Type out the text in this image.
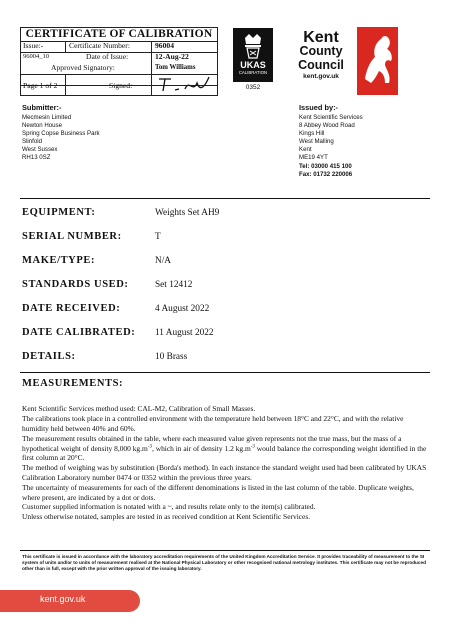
CERTIFICATE OF CALIBRATION
Issue:-	Certificate Number:	96004
96004_10	Date of Issue:	12-Aug-22
Approved Signatory:	Tom Williams
Page 1 of 2	Signed:
UKAS
CALIBRATION
0352
Kent
County
Council
kent.gov.uk
Submitter:-
Mecmesin Limited
Newton House
Spring Copse Business Park
Slinfold
West Sussex
RH13 0SZ
Issued by:-
Kent Scientific Services
8 Abbey Wood Road
Kings Hill
West Malling
Kent
ME19 4YT
Tel: 03000 415 100
Fax: 01732 220006
EQUIPMENT:	Weights Set AH9
SERIAL NUMBER:	T
MAKE/TYPE:	N/A
STANDARDS USED:	Set 12412
DATE RECEIVED:	4 August 2022
DATE CALIBRATED: 11 August 2022
DETAILS:	10 Brass
MEASUREMENTS:
Kent Scientific Services method used: CAL-M2, Calibration of Small Masses.
The calibrations took place in a controlled environment with the temperature held between 18°C and 22°C, and with the relative humidity held between 40% and 60%.
The measurement results obtained in the table, where each measured value given represents not the true mass, but the mass of a hypothetical weight of density 8,000 $kg.m^{-3}$, which in air of density 1.2 $kg.m^{-3}$ would balance the corresponding weight identified in the first column at 20°C.
The method of weighing was by substitution (Borda's method). In each instance the standard weight used had been calibrated by UKAS Calibration Laboratory number 0474 or 0352 within the previous three years.
The uncertainty of measurements for each of the different denominations is listed in the last column of the table. Duplicate weights, where present, are indicated by a dot or dots.
Customer supplied information is notated with a ~, and results relate only to the item(s) calibrated.
Unless otherwise notated, samples are tested in as received condition at Kent Scientific Services.
This certificate is issued in accordance with the laboratory accreditation requirements of the United Kingdom Accreditation Service. It provides traceability of measurement to the SI system of units and/or to units of measurement realised at the National Physical Laboratory or other recognised national metrology institutes. This certificate may not be reproduced other than in full, except with the prior written approval of the issuing laboratory.
kent.gov.uk
